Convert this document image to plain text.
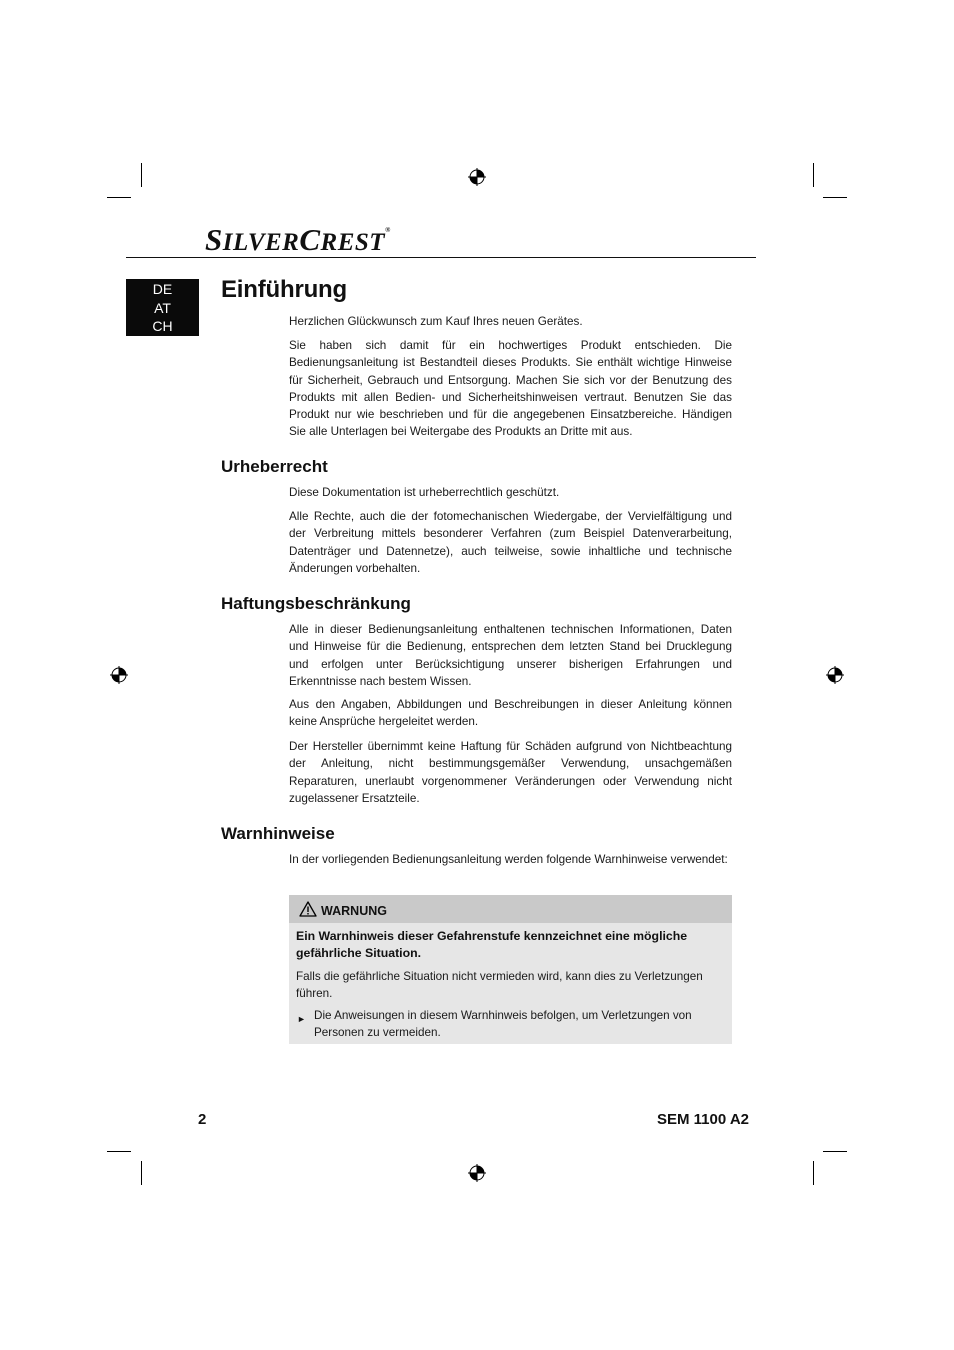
SILVERCREST®
DE
AT
CH
Einführung

Herzlichen Glückwunsch zum Kauf Ihres neuen Gerätes.

Sie haben sich damit für ein hochwertiges Produkt entschieden. Die Bedienungsanleitung ist Bestandteil dieses Produkts. Sie enthält wichtige Hinweise für Sicherheit, Gebrauch und Entsorgung. Machen Sie sich vor der Benutzung des Produkts mit allen Bedien- und Sicherheitshinweisen vertraut. Benutzen Sie das Produkt nur wie beschrieben und für die angegebenen Einsatzbereiche. Händigen Sie alle Unterlagen bei Weitergabe des Produkts an Dritte mit aus.

Urheberrecht

Diese Dokumentation ist urheberrechtlich geschützt.

Alle Rechte, auch die der fotomechanischen Wiedergabe, der Vervielfältigung und der Verbreitung mittels besonderer Verfahren (zum Beispiel Datenverarbeitung, Datenträger und Datennetze), auch teilweise, sowie inhaltliche und technische Änderungen vorbehalten.

Haftungsbeschränkung

Alle in dieser Bedienungsanleitung enthaltenen technischen Informationen, Daten und Hinweise für die Bedienung, entsprechen dem letzten Stand bei Drucklegung und erfolgen unter Berücksichtigung unserer bisherigen Erfahrungen und Erkenntnisse nach bestem Wissen.

Aus den Angaben, Abbildungen und Beschreibungen in dieser Anleitung können keine Ansprüche hergeleitet werden.

Der Hersteller übernimmt keine Haftung für Schäden aufgrund von Nichtbeachtung der Anleitung, nicht bestimmungsgemäßer Verwendung, unsachgemäßen Reparaturen, unerlaubt vorgenommener Veränderungen oder Verwendung nicht zugelassener Ersatzteile.

Warnhinweise

In der vorliegenden Bedienungsanleitung werden folgende Warnhinweise verwendet:

WARNUNG

Ein Warnhinweis dieser Gefahrenstufe kennzeichnet eine mögliche gefährliche Situation.

Falls die gefährliche Situation nicht vermieden wird, kann dies zu Verletzungen führen.

► Die Anweisungen in diesem Warnhinweis befolgen, um Verletzungen von Personen zu vermeiden.

2	SEM 1100 A2
